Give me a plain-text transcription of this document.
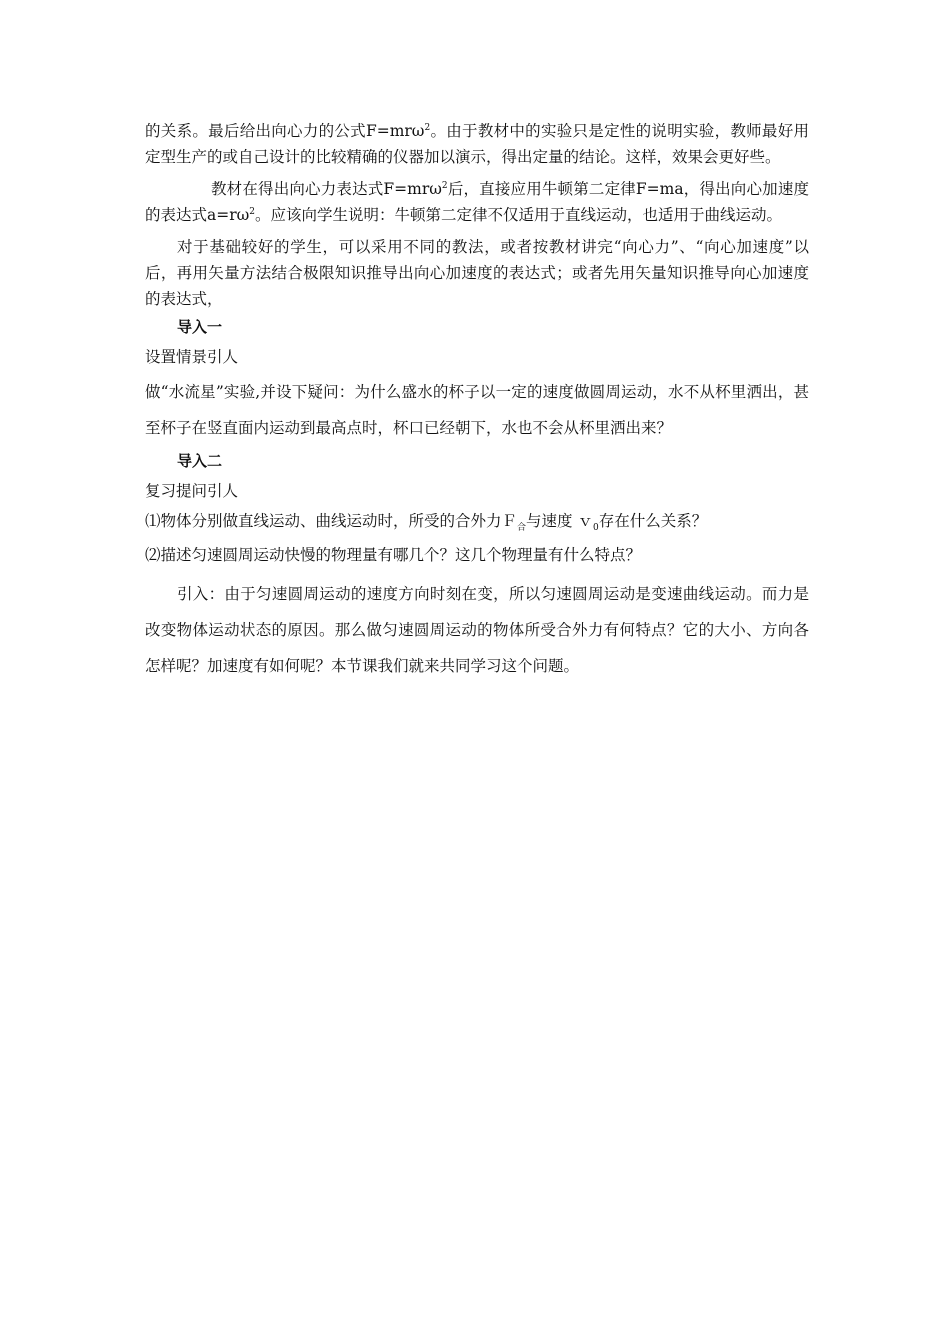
的关系。最后给出向心力的公式F=mrω$^2$。由于教材中的实验只是定性的说明实验，教师最好用定型生产的或自己设计的比较精确的仪器加以演示，得出定量的结论。这样，效果会更好些。

教材在得出向心力表达式F=mrω$^2$后，直接应用牛顿第二定律F=ma，得出向心加速度的表达式$a=r\omega^2$。应该向学生说明：牛顿第二定律不仅适用于直线运动，也适用于曲线运动。

对于基础较好的学生，可以采用不同的教法，或者按教材讲完“向心力”、“向心加速度”以后，再用矢量方法结合极限知识推导出向心加速度的表达式；或者先用矢量知识推导向心加速度的表达式，

导入一
设置情景引人

做“水流星”实验,并设下疑问：为什么盛水的杯子以一定的速度做圆周运动，水不从杯里洒出，甚至杯子在竖直面内运动到最高点时，杯口已经朝下，水也不会从杯里洒出来？

导入二
复习提问引人
⑴物体分别做直线运动、曲线运动时，所受的合外力Ｆ$_合$与速度 ｖ$_0$存在什么关系？
⑵描述匀速圆周运动快慢的物理量有哪几个？这几个物理量有什么特点？

引入：由于匀速圆周运动的速度方向时刻在变，所以匀速圆周运动是变速曲线运动。而力是改变物体运动状态的原因。那么做匀速圆周运动的物体所受合外力有何特点？它的大小、方向各怎样呢？加速度有如何呢？本节课我们就来共同学习这个问题。
